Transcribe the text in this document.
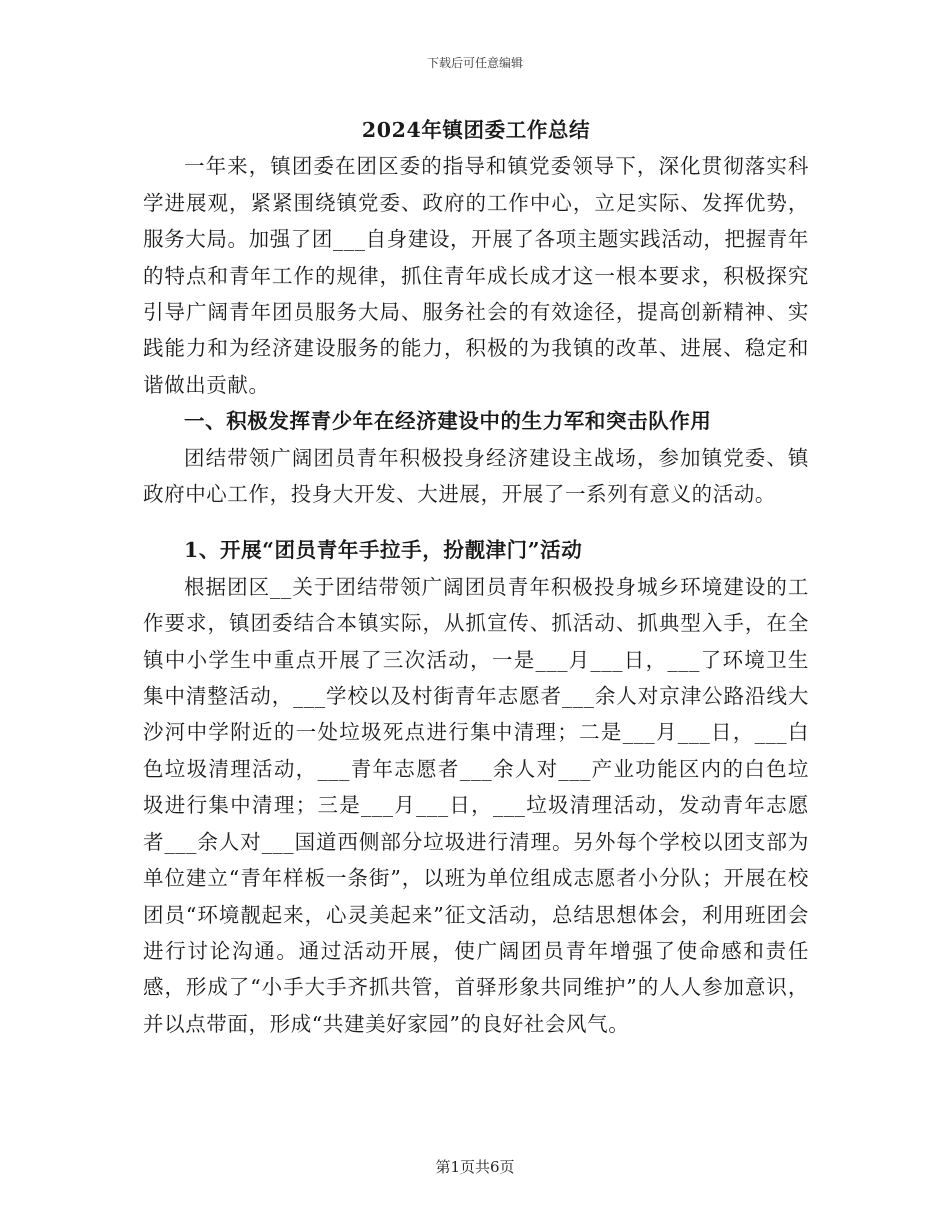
下载后可任意编辑
2024年镇团委工作总结

一年来，镇团委在团区委的指导和镇党委领导下，深化贯彻落实科学进展观，紧紧围绕镇党委、政府的工作中心，立足实际、发挥优势，服务大局。加强了团___自身建设，开展了各项主题实践活动，把握青年的特点和青年工作的规律，抓住青年成长成才这一根本要求，积极探究引导广阔青年团员服务大局、服务社会的有效途径，提高创新精神、实践能力和为经济建设服务的能力，积极的为我镇的改革、进展、稳定和谐做出贡献。

一、积极发挥青少年在经济建设中的生力军和突击队作用

团结带领广阔团员青年积极投身经济建设主战场，参加镇党委、镇政府中心工作，投身大开发、大进展，开展了一系列有意义的活动。

1、开展“团员青年手拉手，扮靓津门”活动

根据团区__关于团结带领广阔团员青年积极投身城乡环境建设的工作要求，镇团委结合本镇实际，从抓宣传、抓活动、抓典型入手，在全镇中小学生中重点开展了三次活动，一是___月___日，___了环境卫生集中清整活动，___学校以及村街青年志愿者___余人对京津公路沿线大沙河中学附近的一处垃圾死点进行集中清理；二是___月___日，___白色垃圾清理活动，___青年志愿者___余人对___产业功能区内的白色垃圾进行集中清理；三是___月___日，___垃圾清理活动，发动青年志愿者___余人对___国道西侧部分垃圾进行清理。另外每个学校以团支部为单位建立“青年样板一条街”，以班为单位组成志愿者小分队；开展在校团员“环境靓起来，心灵美起来”征文活动，总结思想体会，利用班团会进行讨论沟通。通过活动开展，使广阔团员青年增强了使命感和责任感，形成了“小手大手齐抓共管，首驿形象共同维护”的人人参加意识，并以点带面，形成“共建美好家园”的良好社会风气。

第1页共6页
